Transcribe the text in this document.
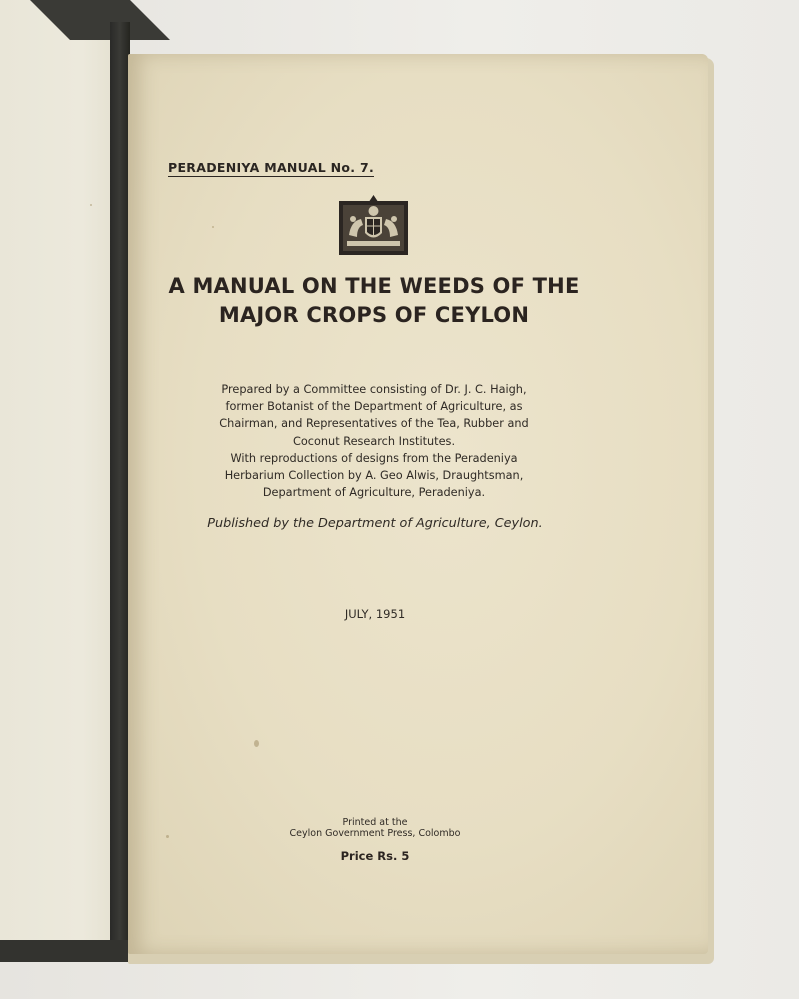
PERADENIYA MANUAL No. 7.
A MANUAL ON THE WEEDS OF THE
MAJOR CROPS OF CEYLON
Prepared by a Committee consisting of Dr. J. C. Haigh,
former Botanist of the Department of Agriculture, as
Chairman, and Representatives of the Tea, Rubber and
Coconut Research Institutes.
With reproductions of designs from the Peradeniya
Herbarium Collection by A. Geo Alwis, Draughtsman,
Department of Agriculture, Peradeniya.
Published by the Department of Agriculture, Ceylon.
JULY, 1951
Printed at the
Ceylon Government Press, Colombo
Price Rs. 5
